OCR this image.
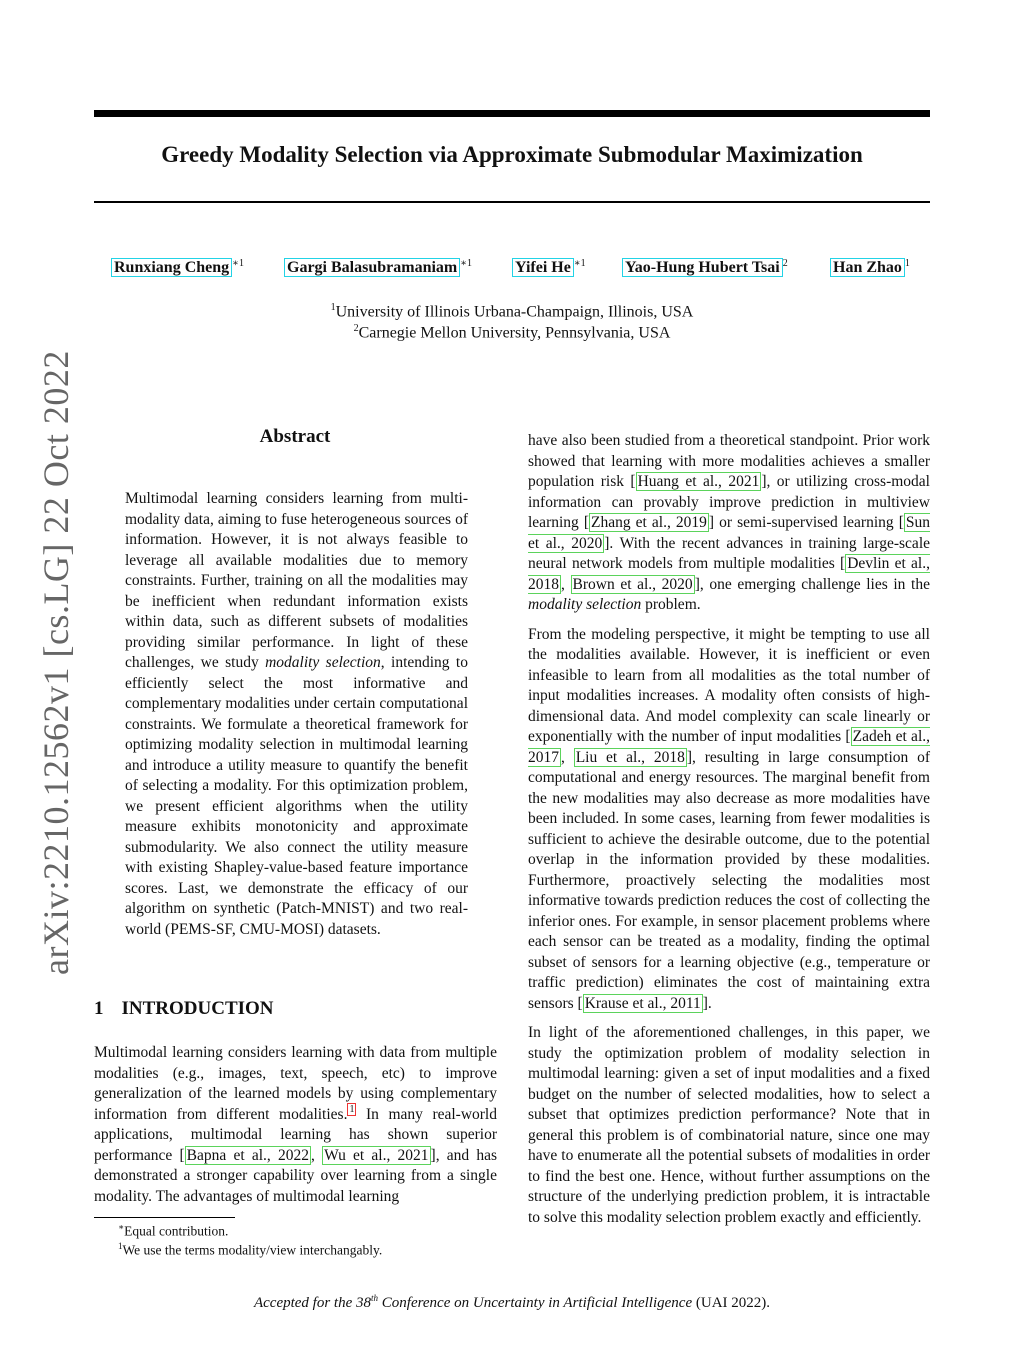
Greedy Modality Selection via Approximate Submodular Maximization
Runxiang Cheng $^{∗1}$	Gargi Balasubramaniam $^{∗1}$	Yifei He $^{∗1}$ Yao-Hung Hubert Tsai $^2$	Han Zhao $^1$
$^1$University of Illinois Urbana-Champaign, Illinois, USA
$^2$Carnegie Mellon University, Pennsylvania, USA
arXiv:2210.12562v1 [cs.LG] 22 Oct 2022	Abstract

Multimodal learning considers learning from multi-modality data, aiming to fuse heterogeneous sources of information. However, it is not always feasible to leverage all available modalities due to memory constraints. Further, training on all the modalities may be inefficient when redundant information exists within data, such as different subsets of modalities providing similar performance. In light of these challenges, we study modality selection, intending to efficiently select the most informative and complementary modalities under certain computational constraints. We formulate a theoretical framework for optimizing modality selection in multimodal learning and introduce a utility measure to quantify the benefit of selecting a modality. For this optimization problem, we present efficient algorithms when the utility measure exhibits monotonicity and approximate submodularity. We also connect the utility measure with existing Shapley-value-based feature importance scores. Last, we demonstrate the efficacy of our algorithm on synthetic (Patch-MNIST) and two real-world (PEMS-SF, CMU-MOSI) datasets.

1 INTRODUCTION

Multimodal learning considers learning with data from multiple modalities (e.g., images, text, speech, etc) to improve generalization of the learned models by using complementary information from different modalities. $^1$ In many real-world applications, multimodal learning has shown superior performance [ Bapna et al., 2022 , Wu et al., 2021 ], and has demonstrated a stronger capability over learning from a single modality. The advantages of multimodal learning

have also been studied from a theoretical standpoint. Prior work showed that learning with more modalities achieves a smaller population risk [ Huang et al., 2021 ], or utilizing cross-modal information can provably improve prediction in multiview learning [ Zhang et al., 2019 ] or semi-supervised learning [ Sun et al., 2020 ]. With the recent advances in training large-scale neural network models from multiple modalities [ Devlin et al., 2018 , Brown et al., 2020 ], one emerging challenge lies in the modality selection problem.

From the modeling perspective, it might be tempting to use all the modalities available. However, it is inefficient or even infeasible to learn from all modalities as the total number of input modalities increases. A modality often consists of high-dimensional data. And model complexity can scale linearly or exponentially with the number of input modalities [ Zadeh et al., 2017 , Liu et al., 2018 ], resulting in large consumption of computational and energy resources. The marginal benefit from the new modalities may also decrease as more modalities have been included. In some cases, learning from fewer modalities is sufficient to achieve the desirable outcome, due to the potential overlap in the information provided by these modalities. Furthermore, proactively selecting the modalities most informative towards prediction reduces the cost of collecting the inferior ones. For example, in sensor placement problems where each sensor can be treated as a modality, finding the optimal subset of sensors for a learning objective (e.g., temperature or traffic prediction) eliminates the cost of maintaining extra sensors [ Krause et al., 2011 ].

In light of the aforementioned challenges, in this paper, we study the optimization problem of modality selection in multimodal learning: given a set of input modalities and a fixed budget on the number of selected modalities, how to select a subset that optimizes prediction performance? Note that in general this problem is of combinatorial nature, since one may have to enumerate all the potential subsets of modalities in order to find the best one. Hence, without further assumptions on the structure of the underlying prediction problem, it is intractable to solve this modality selection problem exactly and efficiently.

∗Equal contribution.
$^1$We use the terms modality/view interchangably.
Accepted for the 38th Conference on Uncertainty in Artificial Intelligence (UAI 2022).
